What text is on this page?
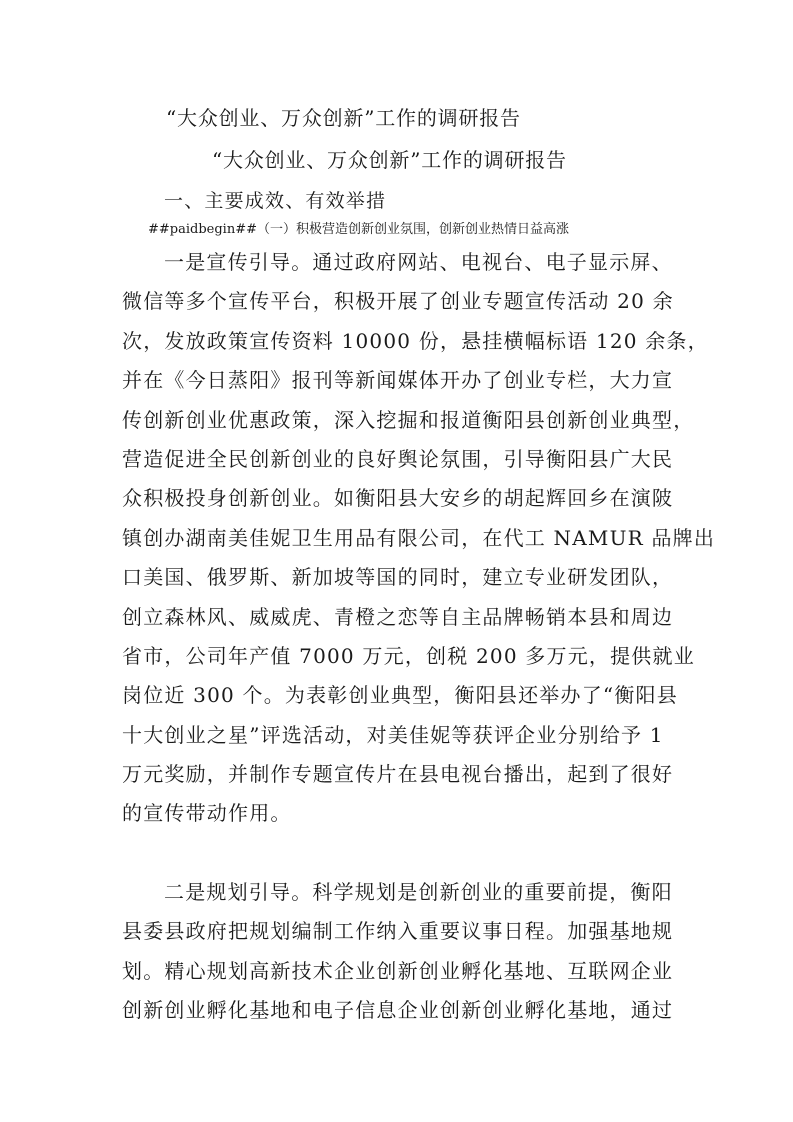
“大众创业、万众创新”工作的调研报告
“大众创业、万众创新”工作的调研报告
一、主要成效、有效举措
##paidbegin##（一）积极营造创新创业氛围，创新创业热情日益高涨
一是宣传引导。通过政府网站、电视台、电子显示屏、
微信等多个宣传平台，积极开展了创业专题宣传活动 20 余
次，发放政策宣传资料 10000 份，悬挂横幅标语 120 余条，
并在《今日蒸阳》报刊等新闻媒体开办了创业专栏，大力宣
传创新创业优惠政策，深入挖掘和报道衡阳县创新创业典型，
营造促进全民创新创业的良好舆论氛围，引导衡阳县广大民
众积极投身创新创业。如衡阳县大安乡的胡起辉回乡在演陂
镇创办湖南美佳妮卫生用品有限公司，在代工 NAMUR 品牌出
口美国、俄罗斯、新加坡等国的同时，建立专业研发团队，
创立森林风、威威虎、青橙之恋等自主品牌畅销本县和周边
省市，公司年产值 7000 万元，创税 200 多万元，提供就业
岗位近 300 个。为表彰创业典型，衡阳县还举办了“衡阳县
十大创业之星”评选活动，对美佳妮等获评企业分别给予 1
万元奖励，并制作专题宣传片在县电视台播出，起到了很好
的宣传带动作用。
二是规划引导。科学规划是创新创业的重要前提，衡阳
县委县政府把规划编制工作纳入重要议事日程。加强基地规
划。精心规划高新技术企业创新创业孵化基地、互联网企业
创新创业孵化基地和电子信息企业创新创业孵化基地，通过
